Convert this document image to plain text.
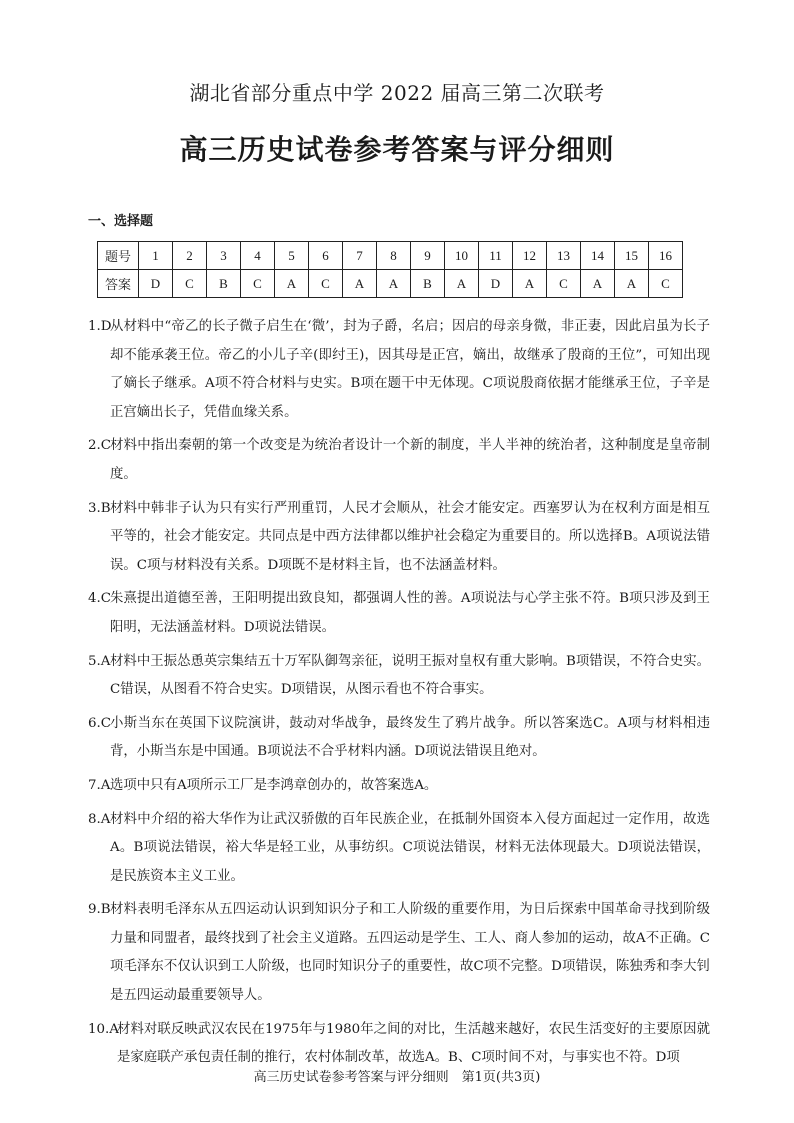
湖北省部分重点中学 2022 届高三第二次联考
高三历史试卷参考答案与评分细则
一、选择题
题号	1	2	3	4	5	6	7	8	9	10	11	12	13	14	15	16
答案	D	C	B	C	A	C	A	A	B	A	D	A	C	A	A	C
1.D
从材料中“帝乙的长子微子启生在‘微’，封为子爵，名启；因启的母亲身微，非正妻，因此启虽为长子却不能承袭王位。帝乙的小儿子辛(即纣王)，因其母是正宫，嫡出，故继承了殷商的王位”，可知出现了嫡长子继承。A项不符合材料与史实。B项在题干中无体现。C项说殷商依据才能继承王位，子辛是正宫嫡出长子，凭借血缘关系。
2.C
材料中指出秦朝的第一个改变是为统治者设计一个新的制度，半人半神的统治者，这种制度是皇帝制度。
3.B 材料中韩非子认为只有实行严刑重罚，人民才会顺从，社会才能安定。西塞罗认为在权利方面是相互平等的，社会才能安定。共同点是中西方法律都以维护社会稳定为重要目的。所以选择B。A项说法错误。C项与材料没有关系。D项既不是材料主旨，也不法涵盖材料。
4.C
朱熹提出道德至善，王阳明提出致良知，都强调人性的善。A项说法与心学主张不符。B项只涉及到王阳明，无法涵盖材料。D项说法错误。
5.A 材料中王振怂恿英宗集结五十万军队御驾亲征，说明王振对皇权有重大影响。B项错误，不符合史实。C错误，从图看不符合史实。D项错误，从图示看也不符合事实。
6.C
小斯当东在英国下议院演讲，鼓动对华战争，最终发生了鸦片战争。所以答案选C。A项与材料相违背，小斯当东是中国通。B项说法不合乎材料内涵。D项说法错误且绝对。
7.A 选项中只有A项所示工厂是李鸿章创办的，故答案选A。
8.A 材料中介绍的裕大华作为让武汉骄傲的百年民族企业，在抵制外国资本入侵方面起过一定作用，故选A。B项说法错误，裕大华是轻工业，从事纺织。C项说法错误，材料无法体现最大。D项说法错误，是民族资本主义工业。
9.B 材料表明毛泽东从五四运动认识到知识分子和工人阶级的重要作用，为日后探索中国革命寻找到阶级力量和同盟者，最终找到了社会主义道路。五四运动是学生、工人、商人参加的运动，故A不正确。C项毛泽东不仅认识到工人阶级，也同时知识分子的重要性，故C项不完整。D项错误，陈独秀和李大钊是五四运动最重要领导人。
10.A
材料对联反映武汉农民在1975年与1980年之间的对比，生活越来越好，农民生活变好的主要原因就是家庭联产承包责任制的推行，农村体制改革，故选A。B、C项时间不对，与事实也不符。D项
高三历史试卷参考答案与评分细则　第1页(共3页)
